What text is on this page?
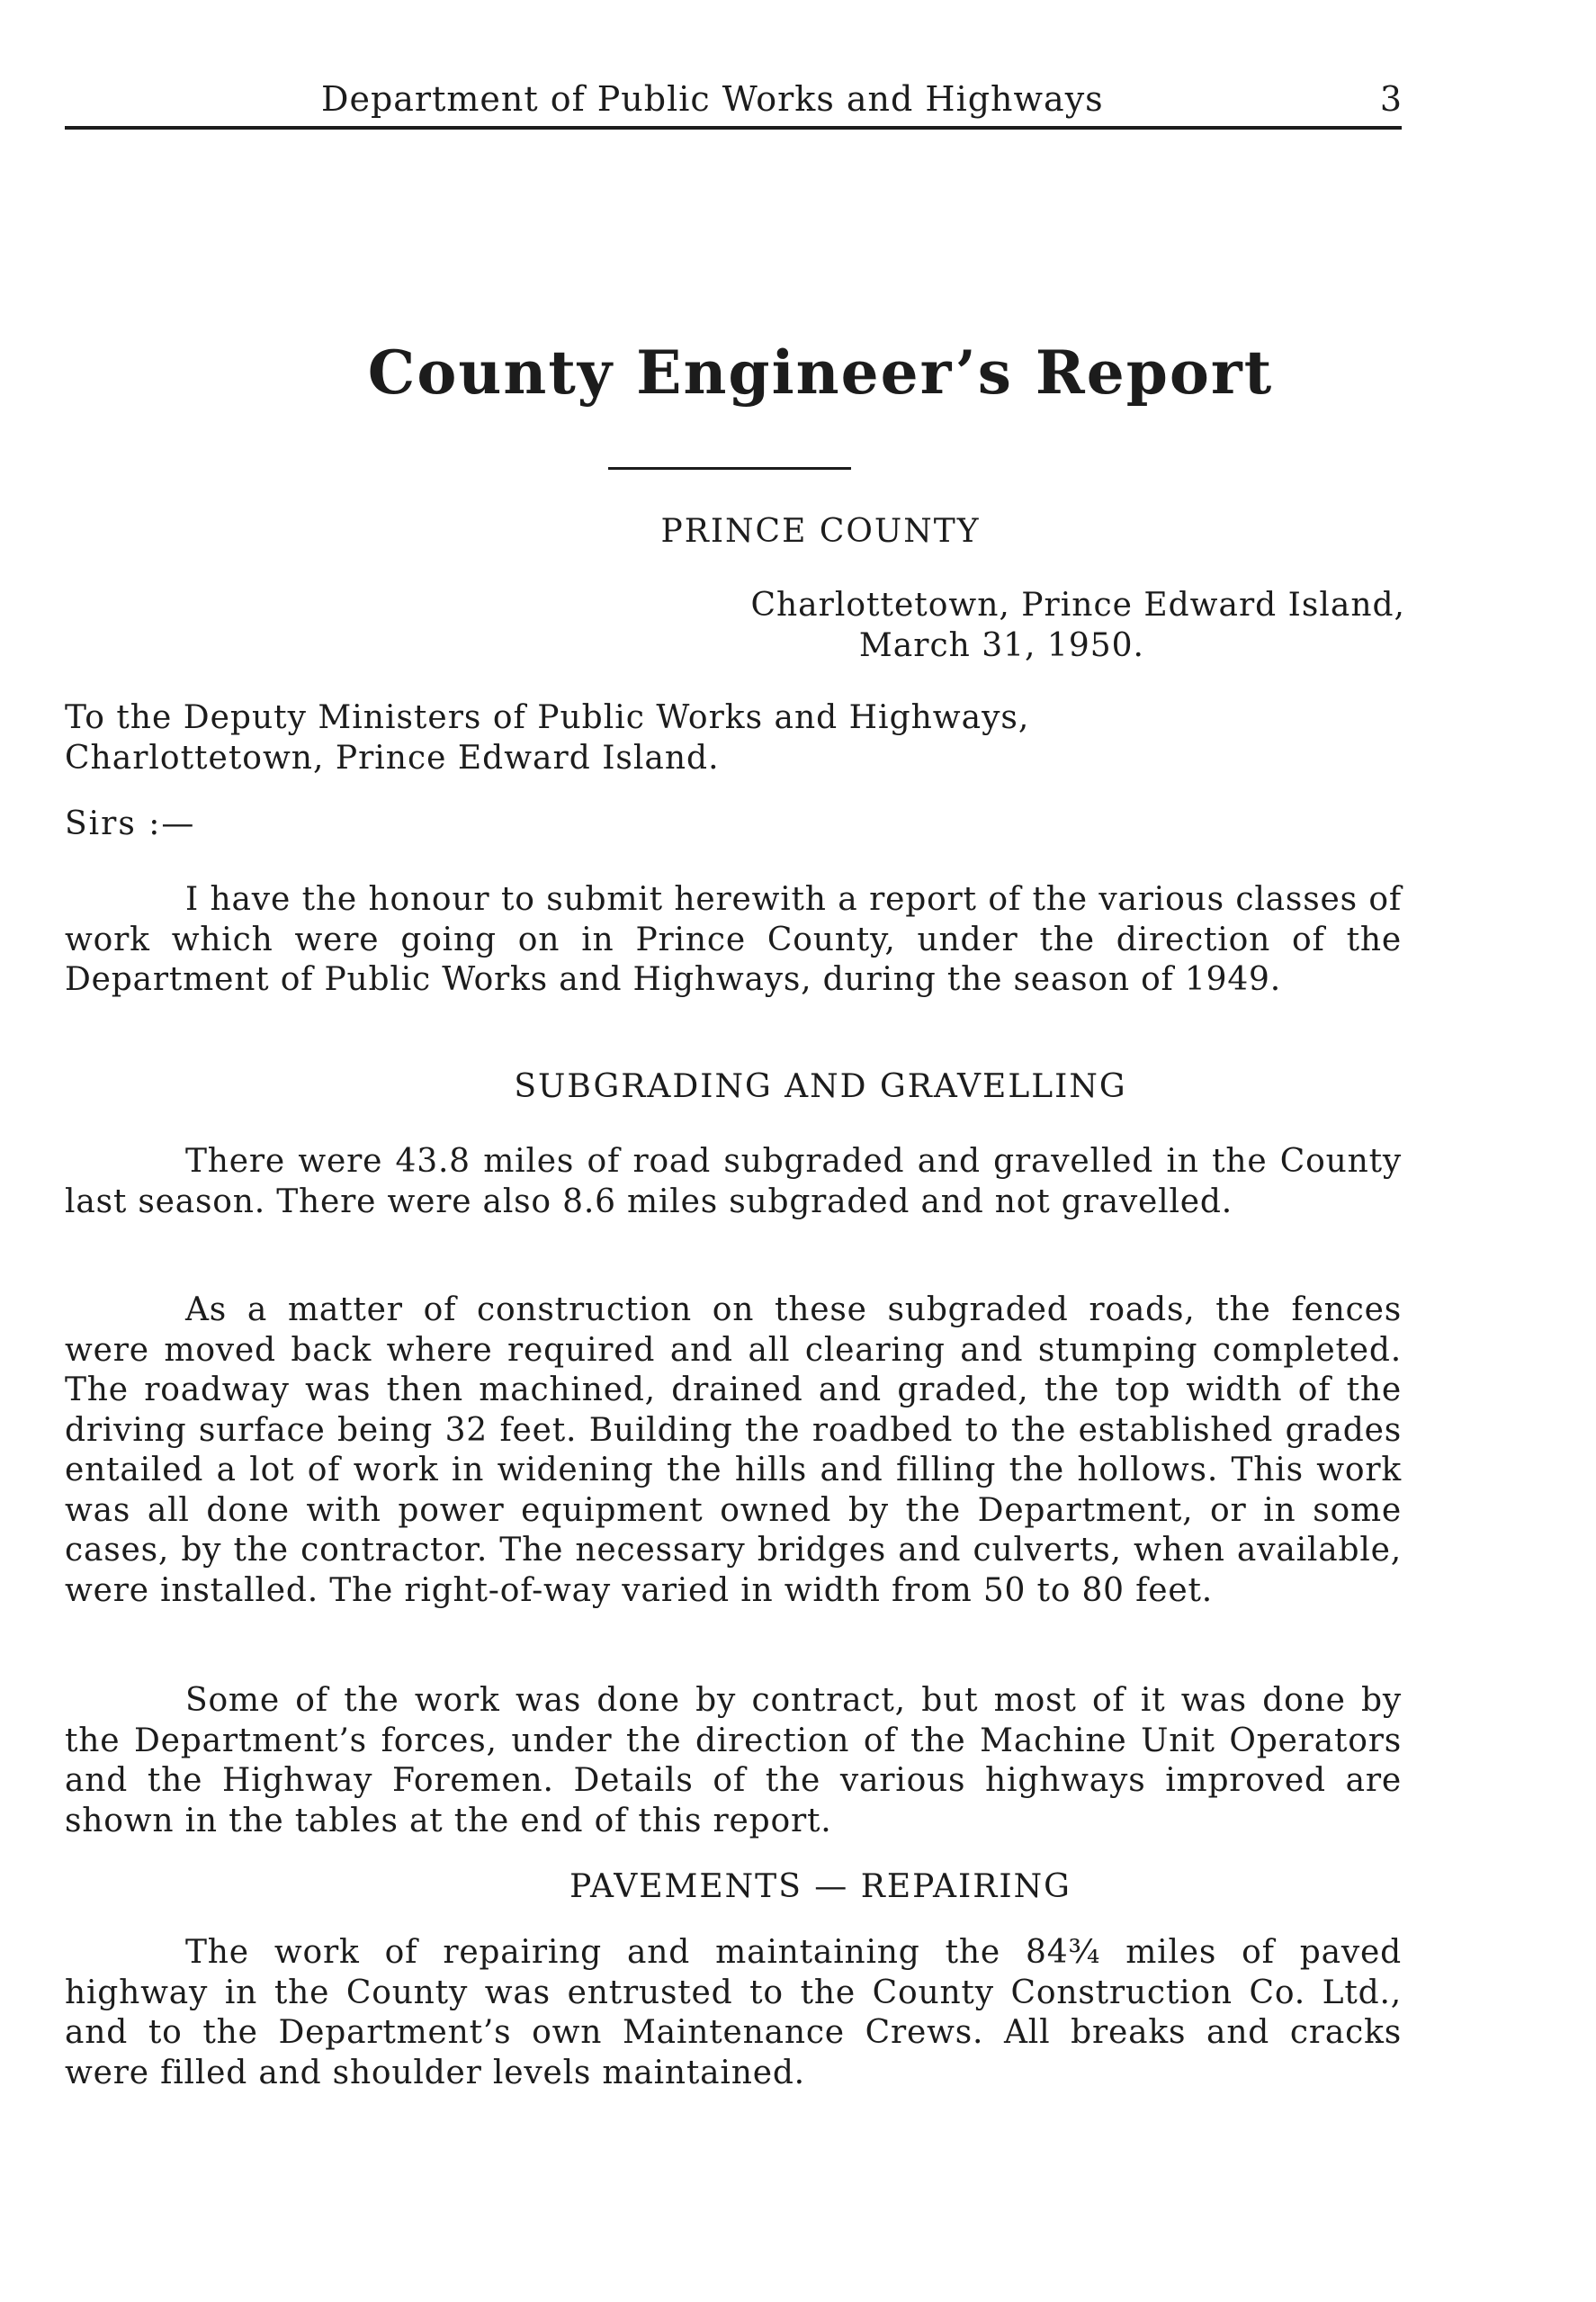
Department of Public Works and Highways	3
County Engineer’s Report
PRINCE COUNTY
Charlottetown, Prince Edward Island,
March 31, 1950.
To the Deputy Ministers of Public Works and Highways,
Charlottetown, Prince Edward Island.
Sirs :—

I have the honour to submit herewith a report of the various classes of work which were going on in Prince County, under the direction of the Department of Public Works and Highways, during the season of 1949.

SUBGRADING AND GRAVELLING

There were 43.8 miles of road subgraded and gravelled in the County last season. There were also 8.6 miles subgraded and not gravelled.

As a matter of construction on these subgraded roads, the fences were moved back where required and all clearing and stumping completed. The roadway was then machined, drained and graded, the top width of the driving surface being 32 feet. Building the roadbed to the established grades entailed a lot of work in widening the hills and filling the hollows. This work was all done with power equipment owned by the Department, or in some cases, by the contractor. The necessary bridges and culverts, when available, were installed. The right-of-way varied in width from 50 to 80 feet.

Some of the work was done by contract, but most of it was done by the Department’s forces, under the direction of the Machine Unit Operators and the Highway Foremen. Details of the various highways improved are shown in the tables at the end of this report.

PAVEMENTS — REPAIRING

The work of repairing and maintaining the 84¾ miles of paved highway in the County was entrusted to the County Construction Co. Ltd., and to the Department’s own Maintenance Crews. All breaks and cracks were filled and shoulder levels maintained.
